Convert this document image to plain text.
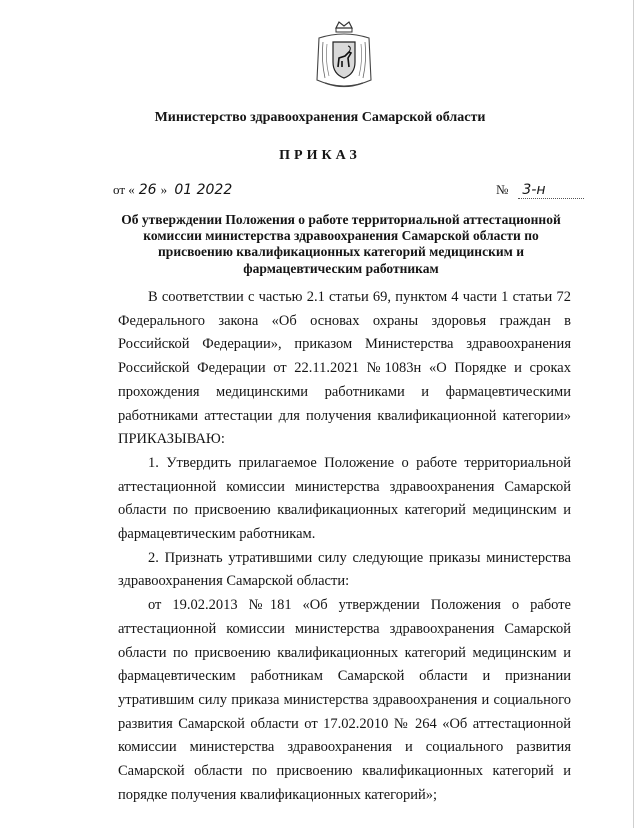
Министерство здравоохранения Самарской области
ПРИКАЗ
от « 26 » 01 2022	№ 3-н
Об утверждении Положения о работе территориальной аттестационной комиссии министерства здравоохранения Самарской области по присвоению квалификационных категорий медицинским и фармацевтическим работникам

В соответствии с частью 2.1 статьи 69, пунктом 4 части 1 статьи 72 Федерального закона «Об основах охраны здоровья граждан в Российской Федерации», приказом Министерства здравоохранения Российской Федерации от 22.11.2021 №1083н «О Порядке и сроках прохождения медицинскими работниками и фармацевтическими работниками аттестации для получения квалификационной категории» ПРИКАЗЫВАЮ:

1. Утвердить прилагаемое Положение о работе территориальной аттестационной комиссии министерства здравоохранения Самарской области по присвоению квалификационных категорий медицинским и фармацевтическим работникам.

2. Признать утратившими силу следующие приказы министерства здравоохранения Самарской области:

от 19.02.2013 №181 «Об утверждении Положения о работе аттестационной комиссии министерства здравоохранения Самарской области по присвоению квалификационных категорий медицинским и фармацевтическим работникам Самарской области и признании утратившим силу приказа министерства здравоохранения и социального развития Самарской области от 17.02.2010 № 264 «Об аттестационной комиссии министерства здравоохранения и социального развития Самарской области по присвоению квалификационных категорий и порядке получения квалификационных категорий»;
